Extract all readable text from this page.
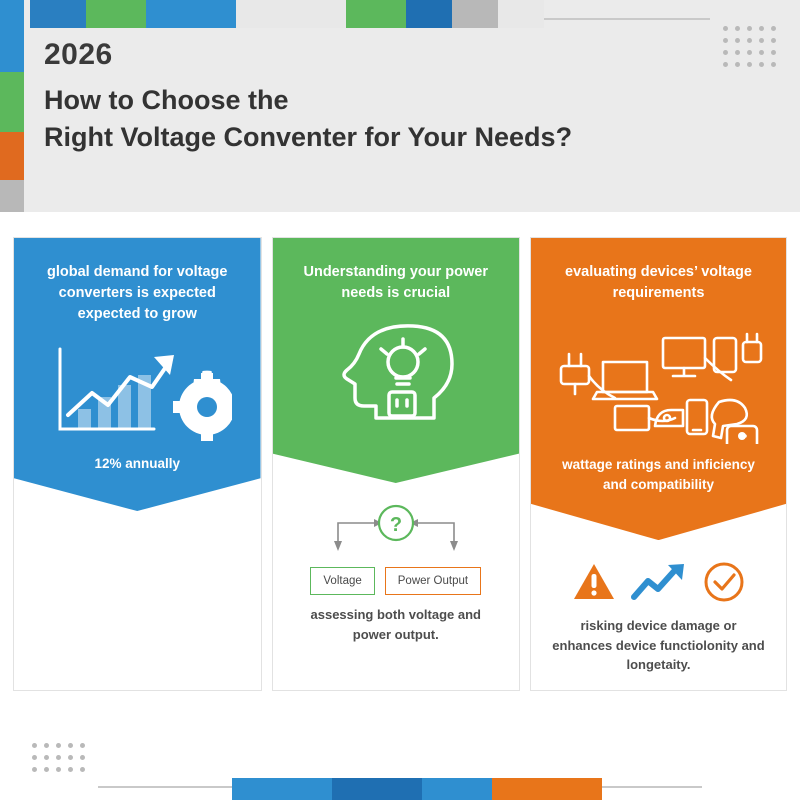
2026
How to Choose the
Right Voltage Conventer for Your Needs?
global demand for voltage converters is expected expected to grow
12% annually

Understanding your power needs is crucial
?
Voltage	Power Output

assessing both voltage and power output.

evaluating devices’ voltage requirements
wattage ratings and inficiency and compatibility

risking device damage or enhances device functiolonity and longetaity.
